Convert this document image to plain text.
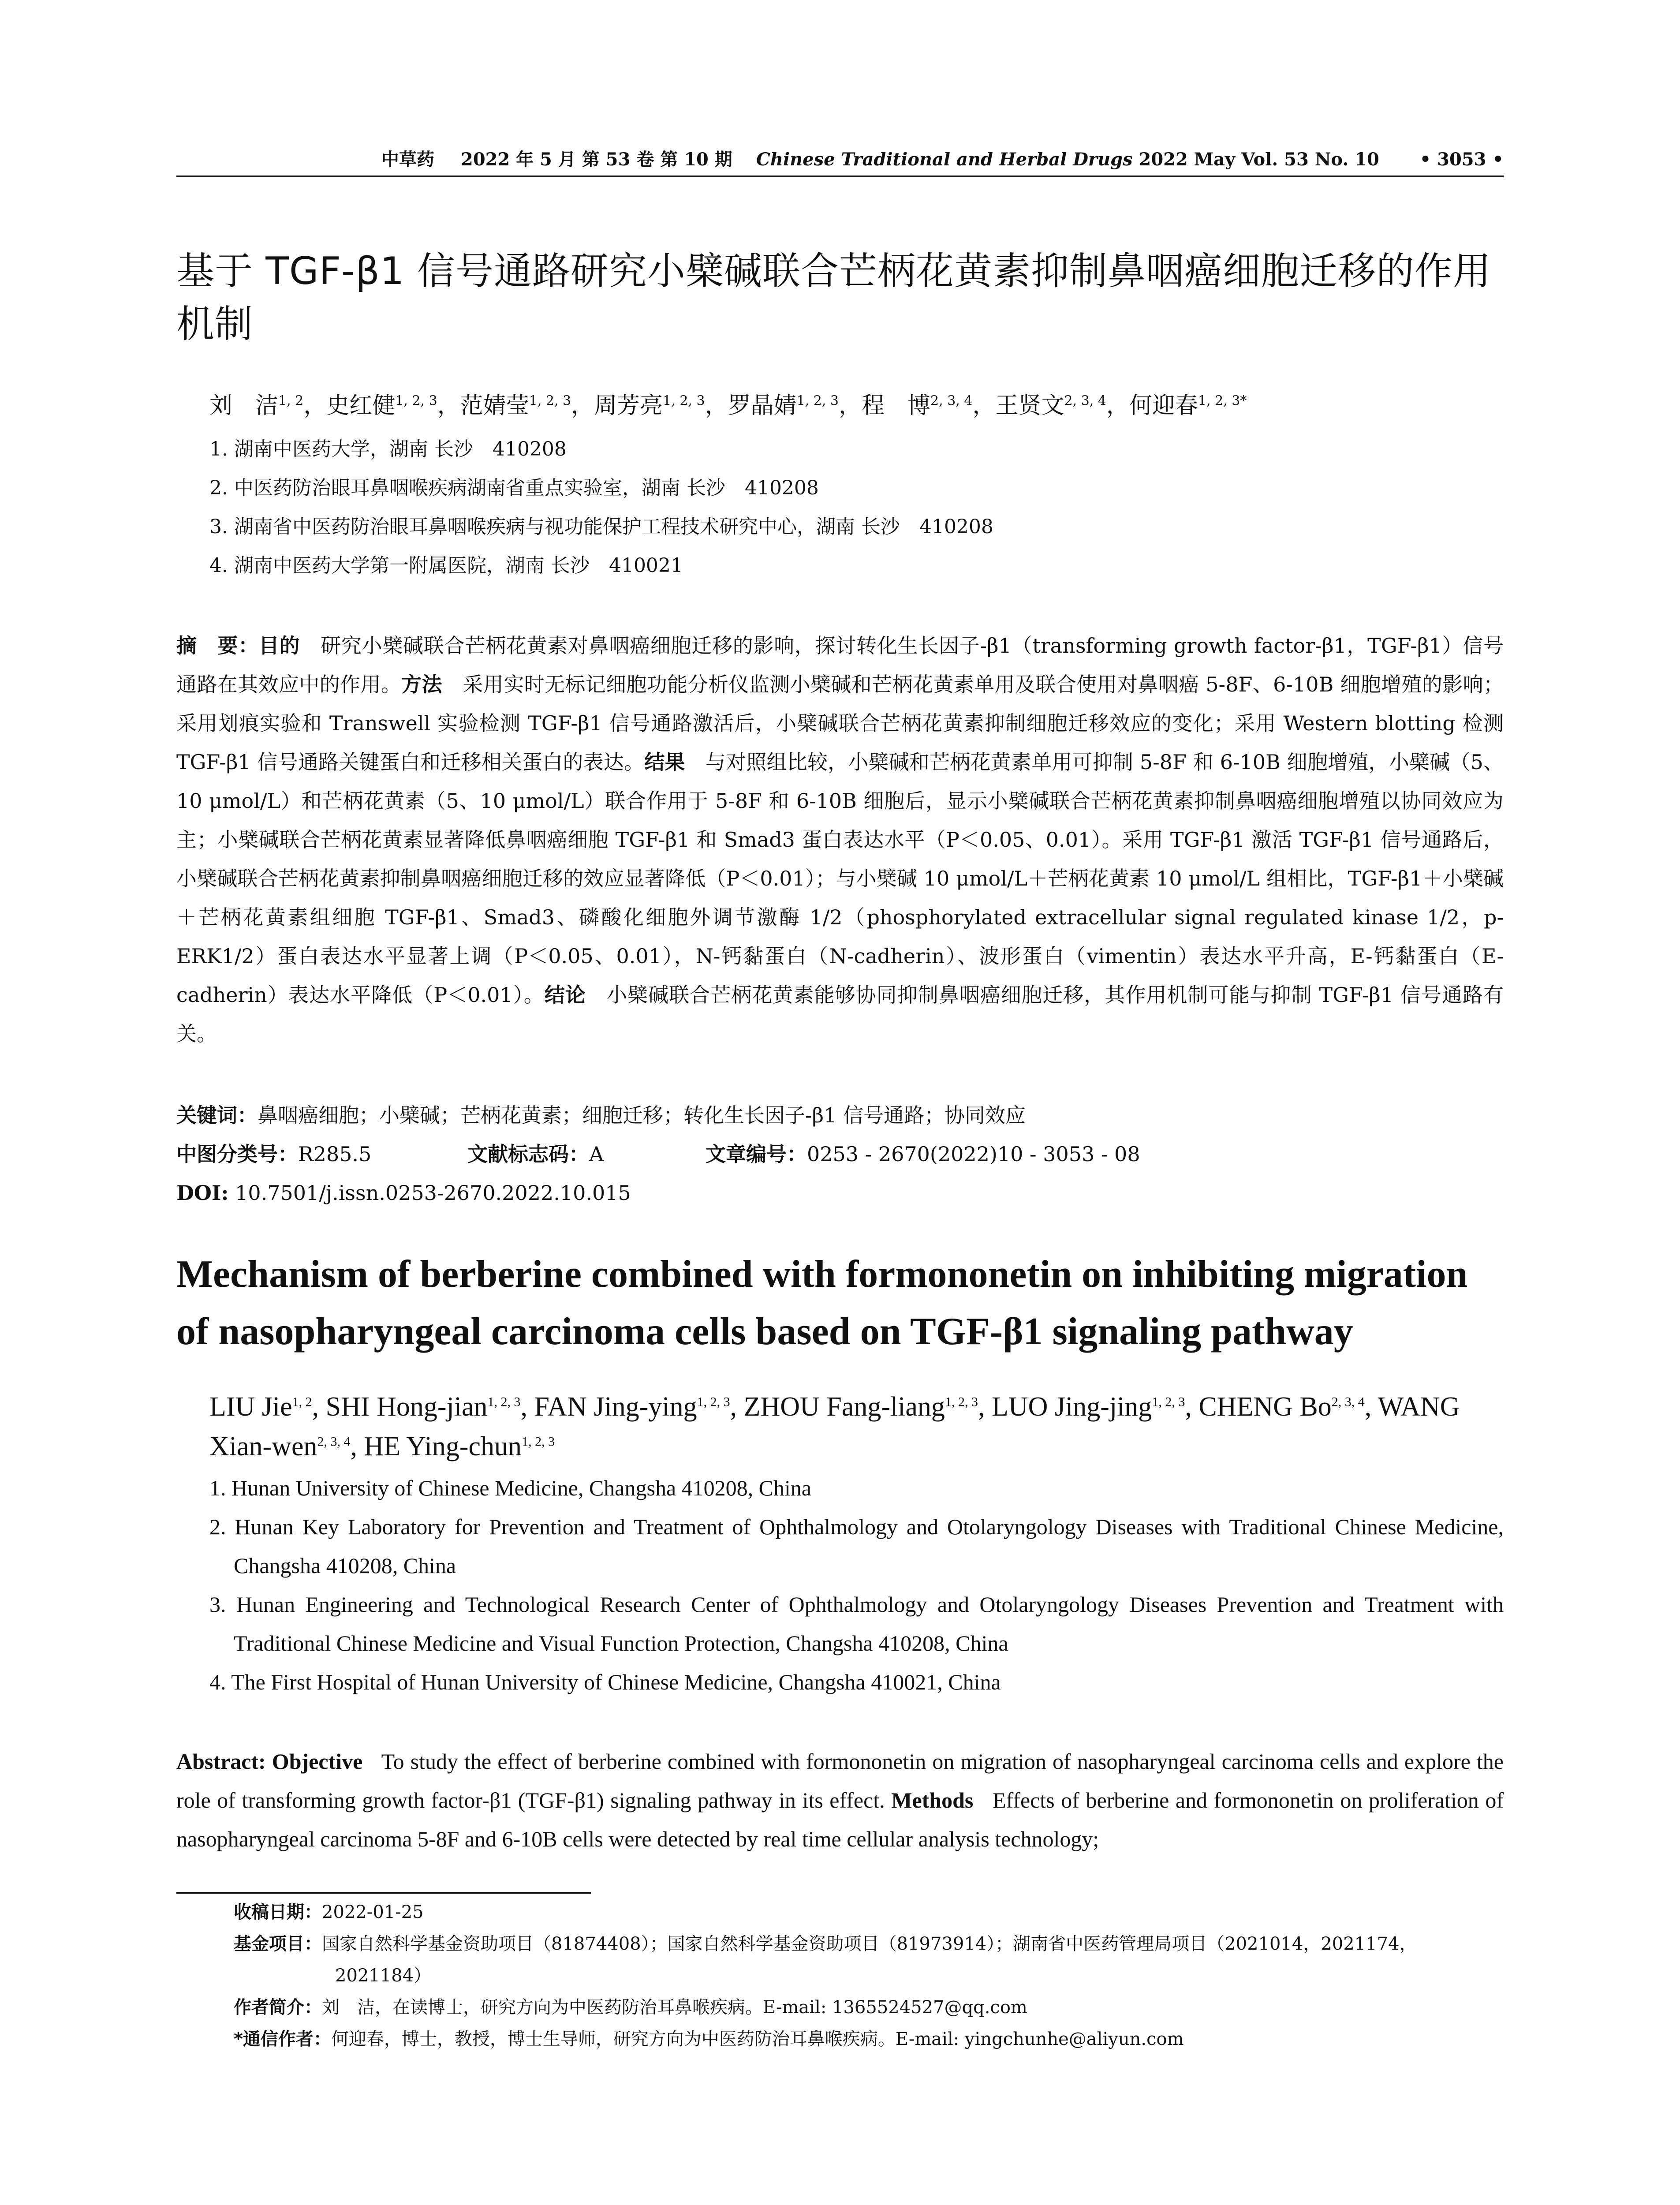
中草药 2022 年 5 月 第 53 卷 第 10 期 Chinese Traditional and Herbal Drugs 2022 May Vol. 53 No. 10 • 3053 •
基于 TGF-β1 信号通路研究小檗碱联合芒柄花黄素抑制鼻咽癌细胞迁移的作用机制
刘　洁$^{1, 2}$，史红健$^{1, 2, 3}$，范婧莹$^{1, 2, 3}$，周芳亮$^{1, 2, 3}$，罗晶婧$^{1, 2, 3}$，程　博$^{2, 3, 4}$，王贤文$^{2, 3, 4}$，何迎春$^{1, 2, 3*}$
1. 湖南中医药大学，湖南 长沙　410208
2. 中医药防治眼耳鼻咽喉疾病湖南省重点实验室，湖南 长沙　410208
3. 湖南省中医药防治眼耳鼻咽喉疾病与视功能保护工程技术研究中心，湖南 长沙　410208
4. 湖南中医药大学第一附属医院，湖南 长沙　410021
摘　要：目的　 研究小檗碱联合芒柄花黄素对鼻咽癌细胞迁移的影响，探讨转化生长因子-β1（transforming growth factor-β1，TGF-β1）信号通路在其效应中的作用。方法　 采用实时无标记细胞功能分析仪监测小檗碱和芒柄花黄素单用及联合使用对鼻咽癌 5-8F、6-10B 细胞增殖的影响；采用划痕实验和 Transwell 实验检测 TGF-β1 信号通路激活后，小檗碱联合芒柄花黄素抑制细胞迁移效应的变化；采用 Western blotting 检测 TGF-β1 信号通路关键蛋白和迁移相关蛋白的表达。结果　 与对照组比较，小檗碱和芒柄花黄素单用可抑制 5-8F 和 6-10B 细胞增殖，小檗碱（5、10 μmol/L）和芒柄花黄素（5、10 μmol/L）联合作用于 5-8F 和 6-10B 细胞后，显示小檗碱联合芒柄花黄素抑制鼻咽癌细胞增殖以协同效应为主；小檗碱联合芒柄花黄素显著降低鼻咽癌细胞 TGF-β1 和 Smad3 蛋白表达水平（P＜0.05、0.01）。采用 TGF-β1 激活 TGF-β1 信号通路后，小檗碱联合芒柄花黄素抑制鼻咽癌细胞迁移的效应显著降低（P＜0.01）；与小檗碱 10 μmol/L＋芒柄花黄素 10 μmol/L 组相比，TGF-β1＋小檗碱＋芒柄花黄素组细胞 TGF-β1、Smad3、磷酸化细胞外调节激酶 1/2（phosphorylated extracellular signal regulated kinase 1/2，p-ERK1/2）蛋白表达水平显著上调（P＜0.05、0.01），N-钙黏蛋白（N-cadherin）、波形蛋白（vimentin）表达水平升高，E-钙黏蛋白（E-cadherin）表达水平降低（P＜0.01）。结论　 小檗碱联合芒柄花黄素能够协同抑制鼻咽癌细胞迁移，其作用机制可能与抑制 TGF-β1 信号通路有关。
关键词：鼻咽癌细胞；小檗碱；芒柄花黄素；细胞迁移；转化生长因子-β1 信号通路；协同效应
中图分类号：R285.5	文献标志码：A	文章编号：0253 - 2670(2022)10 - 3053 - 08
DOI: 10.7501/j.issn.0253-2670.2022.10.015
Mechanism of berberine combined with formononetin on inhibiting migration of nasopharyngeal carcinoma cells based on TGF-β1 signaling pathway
LIU Jie$^{1, 2}$, SHI Hong-jian$^{1, 2, 3}$, FAN Jing-ying$^{1, 2, 3}$, ZHOU Fang-liang$^{1, 2, 3}$, LUO Jing-jing$^{1, 2, 3}$, CHENG Bo$^{2, 3, 4}$, WANG Xian-wen$^{2, 3, 4}$, HE Ying-chun$^{1, 2, 3}$
1. Hunan University of Chinese Medicine, Changsha 410208, China
2. Hunan Key Laboratory for Prevention and Treatment of Ophthalmology and Otolaryngology Diseases with Traditional Chinese Medicine, Changsha 410208, China
3. Hunan Engineering and Technological Research Center of Ophthalmology and Otolaryngology Diseases Prevention and Treatment with Traditional Chinese Medicine and Visual Function Protection, Changsha 410208, China
4. The First Hospital of Hunan University of Chinese Medicine, Changsha 410021, China
Abstract: Objective To study the effect of berberine combined with formononetin on migration of nasopharyngeal carcinoma cells and explore the role of transforming growth factor-β1 (TGF-β1) signaling pathway in its effect. Methods Effects of berberine and formononetin on proliferation of nasopharyngeal carcinoma 5-8F and 6-10B cells were detected by real time cellular analysis technology;
收稿日期：2022-01-25
基金项目：国家自然科学基金资助项目（81874408）；国家自然科学基金资助项目（81973914）；湖南省中医药管理局项目（2021014，2021174，2021184）
作者简介：刘　洁，在读博士，研究方向为中医药防治耳鼻喉疾病。E-mail: 1365524527@qq.com
*通信作者：何迎春，博士，教授，博士生导师，研究方向为中医药防治耳鼻喉疾病。E-mail: yingchunhe@aliyun.com
